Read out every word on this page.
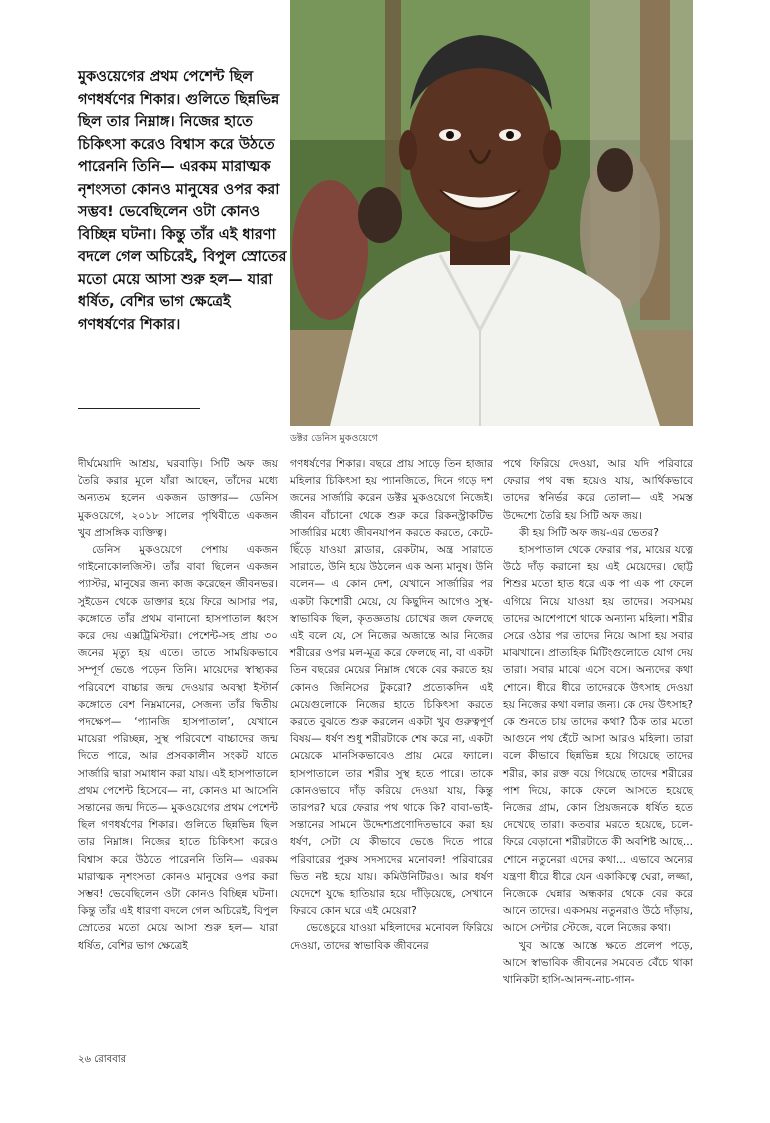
মুকওয়েগের প্রথম পেশেন্ট ছিল গণধর্ষণের শিকার। গুলিতে ছিন্নভিন্ন ছিল তার নিম্নাঙ্গ। নিজের হাতে চিকিৎসা করেও বিশ্বাস করে উঠতে পারেননি তিনি— এরকম মারাত্মক নৃশংসতা কোনও মানুষের ওপর করা সম্ভব! ভেবেছিলেন ওটা কোনও বিচ্ছিন্ন ঘটনা। কিন্তু তাঁর এই ধারণা বদলে গেল অচিরেই, বিপুল স্রোতের মতো মেয়ে আসা শুরু হল— যারা ধর্ষিত, বেশির ভাগ ক্ষেত্রেই গণধর্ষণের শিকার।

ডক্টর ডেনিস মুকওয়েগে

দীর্ঘমেয়াদি আশ্রয়, ঘরবাড়ি। সিটি অফ জয় তৈরি করার মূলে যাঁরা আছেন, তাঁদের মধ্যে অন্যতম হলেন একজন ডাক্তার— ডেনিস মুকওয়েগে, ২০১৮ সালের পৃথিবীতে একজন খুব প্রাসঙ্গিক ব্যক্তিত্ব।

ডেনিস মুকওয়েগে পেশায় একজন গাইনোকোলজিস্ট। তাঁর বাবা ছিলেন একজন প্যাস্টর, মানুষের জন্য কাজ করেছেন জীবনভর। সুইডেন থেকে ডাক্তার হয়ে ফিরে আসার পর, কঙ্গোতে তাঁর প্রথম বানানো হাসপাতাল ধ্বংস করে দেয় এক্সট্রিমিস্টরা। পেশেন্ট-সহ প্রায় ৩০ জনের মৃত্যু হয় এতে। তাতে সাময়িকভাবে সম্পূর্ণ ভেঙে পড়েন তিনি। মায়েদের স্বাস্থ্যকর পরিবেশে বাচ্চার জন্ম দেওয়ার অবস্থা ইস্টার্ন কঙ্গোতে বেশ নিম্নমানের, সেজন্য তাঁর দ্বিতীয় পদক্ষেপ— ‘প্যানজি হাসপাতাল’, যেখানে মায়েরা পরিচ্ছন্ন, সুস্থ পরিবেশে বাচ্চাদের জন্ম দিতে পারে, আর প্রসবকালীন সংকট যাতে সার্জারি দ্বারা সমাধান করা যায়। এই হাসপাতালে প্রথম পেশেন্ট হিসেবে— না, কোনও মা আসেনি সন্তানের জন্ম দিতে— মুকওয়েগের প্রথম পেশেন্ট ছিল গণধর্ষণের শিকার। গুলিতে ছিন্নভিন্ন ছিল তার নিম্নাঙ্গ। নিজের হাতে চিকিৎসা করেও বিশ্বাস করে উঠতে পারেননি তিনি— এরকম মারাত্মক নৃশংসতা কোনও মানুষের ওপর করা সম্ভব! ভেবেছিলেন ওটা কোনও বিচ্ছিন্ন ঘটনা। কিন্তু তাঁর এই ধারণা বদলে গেল অচিরেই, বিপুল স্রোতের মতো মেয়ে আসা শুরু হল— যারা ধর্ষিত, বেশির ভাগ ক্ষেত্রেই

গণধর্ষণের শিকার। বছরে প্রায় সাড়ে তিন হাজার মহিলার চিকিৎসা হয় প্যানজিতে, দিনে গড়ে দশ জনের সার্জারি করেন ডক্টর মুকওয়েগে নিজেই। জীবন বাঁচানো থেকে শুরু করে রিকনস্ট্রাকটিভ সার্জারির মধ্যে জীবনযাপন করতে করতে, কেটে-ছিঁড়ে যাওয়া ব্লাডার, রেকটাম, অন্ত্র সারাতে সারাতে, উনি হয়ে উঠলেন এক অন্য মানুষ। উনি বলেন— এ কোন দেশ, যেখানে সার্জারির পর একটা কিশোরী মেয়ে, যে কিছুদিন আগেও সুস্থ-স্বাভাবিক ছিল, কৃতজ্ঞতায় চোখের জল ফেলছে এই বলে যে, সে নিজের অজান্তে আর নিজের শরীরের ওপর মল-মূত্র করে ফেলছে না, বা একটা তিন বছরের মেয়ের নিম্নাঙ্গ থেকে বের করতে হয় কোনও জিনিসের টুকরো? প্রত্যেকদিন এই মেয়েগুলোকে নিজের হাতে চিকিৎসা করতে করতে বুঝতে শুরু করলেন একটা খুব গুরুত্বপূর্ণ বিষয়— ধর্ষণ শুধু শরীরটাকে শেষ করে না, একটা মেয়েকে মানসিকভাবেও প্রায় মেরে ফ্যালে। হাসপাতালে তার শরীর সুস্থ হতে পারে। তাকে কোনওভাবে দাঁড় করিয়ে দেওয়া যায়, কিন্তু তারপর? ঘরে ফেরার পথ থাকে কি? বাবা-ভাই-সন্তানের সামনে উদ্দেশ্যপ্রণোদিতভাবে করা হয় ধর্ষণ, সেটা যে কীভাবে ভেঙে দিতে পারে পরিবারের পুরুষ সদস্যদের মনোবল! পরিবারের ভিত নষ্ট হয়ে যায়। কমিউনিটিরও। আর ধর্ষণ যেদেশে যুদ্ধে হাতিয়ার হয়ে দাঁড়িয়েছে, সেখানে ফিরবে কোন ঘরে এই মেয়েরা?

ভেঙেচুরে যাওয়া মহিলাদের মনোবল ফিরিয়ে দেওয়া, তাদের স্বাভাবিক জীবনের

পথে ফিরিয়ে দেওয়া, আর যদি পরিবারে ফেরার পথ বন্ধ হয়েও যায়, আর্থিকভাবে তাদের স্বনির্ভর করে তোলা— এই সমস্ত উদ্দেশ্যে তৈরি হয় সিটি অফ জয়।

কী হয় সিটি অফ জয়-এর ভেতর?

হাসপাতাল থেকে ফেরার পর, মায়ের যত্নে উঠে দাঁড় করানো হয় এই মেয়েদের। ছোট্ট শিশুর মতো হাত ধরে এক পা এক পা ফেলে এগিয়ে নিয়ে যাওয়া হয় তাদের। সবসময় তাদের আশেপাশে থাকে অন্যান্য মহিলা। শরীর সেরে ওঠার পর তাদের নিয়ে আসা হয় সবার মাঝখানে। প্রাত্যহিক মিটিংগুলোতে যোগ দেয় তারা। সবার মাঝে এসে বসে। অন্যদের কথা শোনে। ধীরে ধীরে তাদেরকে উৎসাহ দেওয়া হয় নিজের কথা বলার জন্য। কে দেয় উৎসাহ? কে শুনতে চায় তাদের কথা? ঠিক তার মতো আগুনে পথ হেঁটে আসা আরও মহিলা। তারা বলে কীভাবে ছিন্নভিন্ন হয়ে গিয়েছে তাদের শরীর, কার রক্ত বয়ে গিয়েছে তাদের শরীরের পাশ দিয়ে, কাকে ফেলে আসতে হয়েছে নিজের গ্রাম, কোন প্রিয়জনকে ধর্ষিত হতে দেখেছে তারা। কতবার মরতে হয়েছে, চলে-ফিরে বেড়ানো শরীরটাতে কী অবশিষ্ট আছে... শোনে নতুনেরা এদের কথা... এভাবে অন্যের যন্ত্রণা ধীরে ধীরে যেন একাকিত্বে ঘেরা, লজ্জা, নিজেকে ঘেন্নার অন্ধকার থেকে বের করে আনে তাদের। একসময় নতুনরাও উঠে দাঁড়ায়, আসে সেন্টার স্টেজে, বলে নিজের কথা।

খুব আস্তে আস্তে ক্ষতে প্রলেপ পড়ে, আসে স্বাভাবিক জীবনের সমবেত বেঁচে থাকা খানিকটা হাসি-আনন্দ-নাচ-গান-

২৬ রোববার
